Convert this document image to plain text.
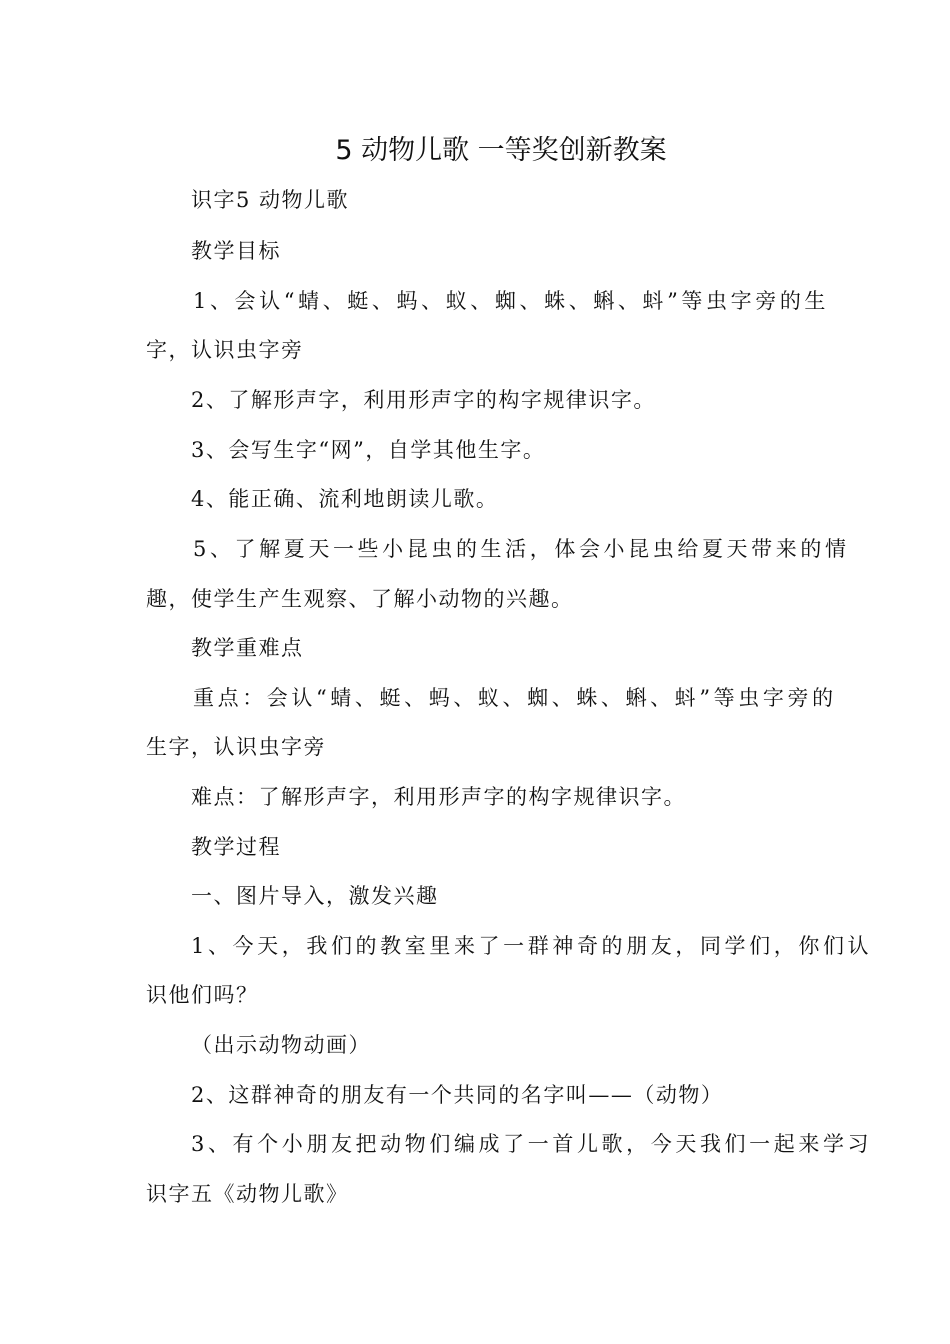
5 动物儿歌 一等奖创新教案
识字5 动物儿歌
教学目标
1、会认“蜻、蜓、蚂、蚁、蜘、蛛、蝌、蚪”等虫字旁的生
字，认识虫字旁
2、了解形声字，利用形声字的构字规律识字。
3、会写生字“网”，自学其他生字。
4、能正确、流利地朗读儿歌。
5、了解夏天一些小昆虫的生活，体会小昆虫给夏天带来的情
趣，使学生产生观察、了解小动物的兴趣。
教学重难点
重点：会认“蜻、蜓、蚂、蚁、蜘、蛛、蝌、蚪”等虫字旁的
生字，认识虫字旁
难点：了解形声字，利用形声字的构字规律识字。
教学过程
一、图片导入，激发兴趣
1、今天，我们的教室里来了一群神奇的朋友，同学们，你们认
识他们吗？
（出示动物动画）
2、这群神奇的朋友有一个共同的名字叫——（动物）
3、有个小朋友把动物们编成了一首儿歌，今天我们一起来学习
识字五《动物儿歌》
